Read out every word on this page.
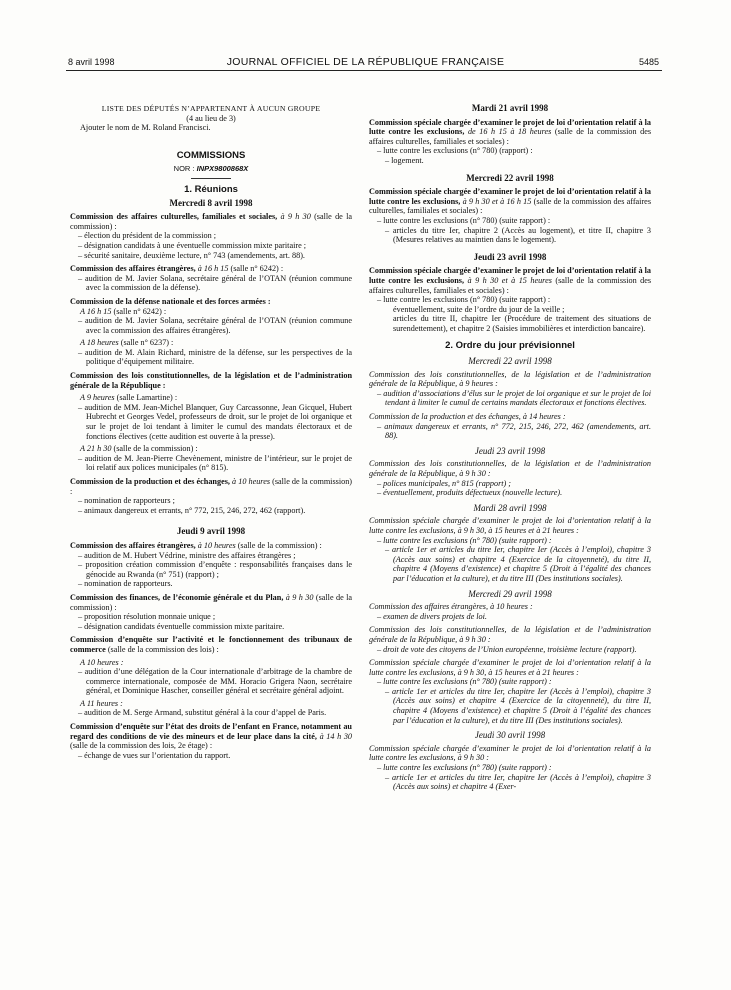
8 avril 1998	JOURNAL OFFICIEL DE LA RÉPUBLIQUE FRANÇAISE	5485

LISTE DES DÉPUTÉS N’APPARTENANT À AUCUN GROUPE

(4 au lieu de 3)

Ajouter le nom de M. Roland Francisci.

COMMISSIONS

NOR : INPX9800868X

1. Réunions

Mercredi 8 avril 1998

Commission des affaires culturelles, familiales et sociales, à 9 h 30 (salle de la commission) :

– élection du président de la commission ;

– désignation candidats à une éventuelle commission mixte paritaire ;

– sécurité sanitaire, deuxième lecture, n° 743 (amendements, art. 88).

Commission des affaires étrangères, à 16 h 15 (salle n° 6242) :

– audition de M. Javier Solana, secrétaire général de l’OTAN (réunion commune avec la commission de la défense).

Commission de la défense nationale et des forces armées :

A 16 h 15 (salle n° 6242) :

– audition de M. Javier Solana, secrétaire général de l’OTAN (réunion commune avec la commission des affaires étrangères).

A 18 heures (salle n° 6237) :

– audition de M. Alain Richard, ministre de la défense, sur les perspectives de la politique d’équipement militaire.

Commission des lois constitutionnelles, de la législation et de l’administration générale de la République :

A 9 heures (salle Lamartine) :

– audition de MM. Jean-Michel Blanquer, Guy Carcassonne, Jean Gicquel, Hubert Hubrecht et Georges Vedel, professeurs de droit, sur le projet de loi organique et sur le projet de loi tendant à limiter le cumul des mandats électoraux et de fonctions électives (cette audition est ouverte à la presse).

A 21 h 30 (salle de la commission) :

– audition de M. Jean-Pierre Chevènement, ministre de l’intérieur, sur le projet de loi relatif aux polices municipales (n° 815).

Commission de la production et des échanges, à 10 heures (salle de la commission) :

– nomination de rapporteurs ;

– animaux dangereux et errants, n° 772, 215, 246, 272, 462 (rapport).

Jeudi 9 avril 1998

Commission des affaires étrangères, à 10 heures (salle de la commission) :

– audition de M. Hubert Védrine, ministre des affaires étrangères ;

– proposition création commission d’enquête : responsabilités françaises dans le génocide au Rwanda (n° 751) (rapport) ;

– nomination de rapporteurs.

Commission des finances, de l’économie générale et du Plan, à 9 h 30 (salle de la commission) :

– proposition résolution monnaie unique ;

– désignation candidats éventuelle commission mixte paritaire.

Commission d’enquête sur l’activité et le fonctionnement des tribunaux de commerce (salle de la commission des lois) :

A 10 heures :

– audition d’une délégation de la Cour internationale d’arbitrage de la chambre de commerce internationale, composée de MM. Horacio Grigera Naon, secrétaire général, et Dominique Hascher, conseiller général et secrétaire général adjoint.

A 11 heures :

– audition de M. Serge Armand, substitut général à la cour d’appel de Paris.

Commission d’enquête sur l’état des droits de l’enfant en France, notamment au regard des conditions de vie des mineurs et de leur place dans la cité, à 14 h 30 (salle de la commission des lois, 2e étage) :

– échange de vues sur l’orientation du rapport.

Mardi 21 avril 1998

Commission spéciale chargée d’examiner le projet de loi d’orientation relatif à la lutte contre les exclusions, de 16 h 15 à 18 heures (salle de la commission des affaires culturelles, familiales et sociales) :

– lutte contre les exclusions (n° 780) (rapport) :

– logement.

Mercredi 22 avril 1998

Commission spéciale chargée d’examiner le projet de loi d’orientation relatif à la lutte contre les exclusions, à 9 h 30 et à 16 h 15 (salle de la commission des affaires culturelles, familiales et sociales) :

– lutte contre les exclusions (n° 780) (suite rapport) :

– articles du titre Ier, chapitre 2 (Accès au logement), et titre II, chapitre 3 (Mesures relatives au maintien dans le logement).

Jeudi 23 avril 1998

Commission spéciale chargée d’examiner le projet de loi d’orientation relatif à la lutte contre les exclusions, à 9 h 30 et à 15 heures (salle de la commission des affaires culturelles, familiales et sociales) :

– lutte contre les exclusions (n° 780) (suite rapport) :

éventuellement, suite de l’ordre du jour de la veille ;

articles du titre II, chapitre Ier (Procédure de traitement des situations de surendettement), et chapitre 2 (Saisies immobilières et interdiction bancaire).

2. Ordre du jour prévisionnel

Mercredi 22 avril 1998

Commission des lois constitutionnelles, de la législation et de l’administration générale de la République, à 9 heures :

– audition d’associations d’élus sur le projet de loi organique et sur le projet de loi tendant à limiter le cumul de certains mandats électoraux et fonctions électives.

Commission de la production et des échanges, à 14 heures :

– animaux dangereux et errants, n° 772, 215, 246, 272, 462 (amendements, art. 88).

Jeudi 23 avril 1998

Commission des lois constitutionnelles, de la législation et de l’administration générale de la République, à 9 h 30 :

– polices municipales, n° 815 (rapport) ;

– éventuellement, produits défectueux (nouvelle lecture).

Mardi 28 avril 1998

Commission spéciale chargée d’examiner le projet de loi d’orientation relatif à la lutte contre les exclusions, à 9 h 30, à 15 heures et à 21 heures :

– lutte contre les exclusions (n° 780) (suite rapport) :

– article 1er et articles du titre Ier, chapitre Ier (Accès à l’emploi), chapitre 3 (Accès aux soins) et chapitre 4 (Exercice de la citoyenneté), du titre II, chapitre 4 (Moyens d’existence) et chapitre 5 (Droit à l’égalité des chances par l’éducation et la culture), et du titre III (Des institutions sociales).

Mercredi 29 avril 1998

Commission des affaires étrangères, à 10 heures :

– examen de divers projets de loi.

Commission des lois constitutionnelles, de la législation et de l’administration générale de la République, à 9 h 30 :

– droit de vote des citoyens de l’Union européenne, troisième lecture (rapport).

Commission spéciale chargée d’examiner le projet de loi d’orientation relatif à la lutte contre les exclusions, à 9 h 30, à 15 heures et à 21 heures :

– lutte contre les exclusions (n° 780) (suite rapport) :

– article 1er et articles du titre Ier, chapitre Ier (Accès à l’emploi), chapitre 3 (Accès aux soins) et chapitre 4 (Exercice de la citoyenneté), du titre II, chapitre 4 (Moyens d’existence) et chapitre 5 (Droit à l’égalité des chances par l’éducation et la culture), et du titre III (Des institutions sociales).

Jeudi 30 avril 1998

Commission spéciale chargée d’examiner le projet de loi d’orientation relatif à la lutte contre les exclusions, à 9 h 30 :

– lutte contre les exclusions (n° 780) (suite rapport) :

– article 1er et articles du titre Ier, chapitre Ier (Accès à l’emploi), chapitre 3 (Accès aux soins) et chapitre 4 (Exer-
